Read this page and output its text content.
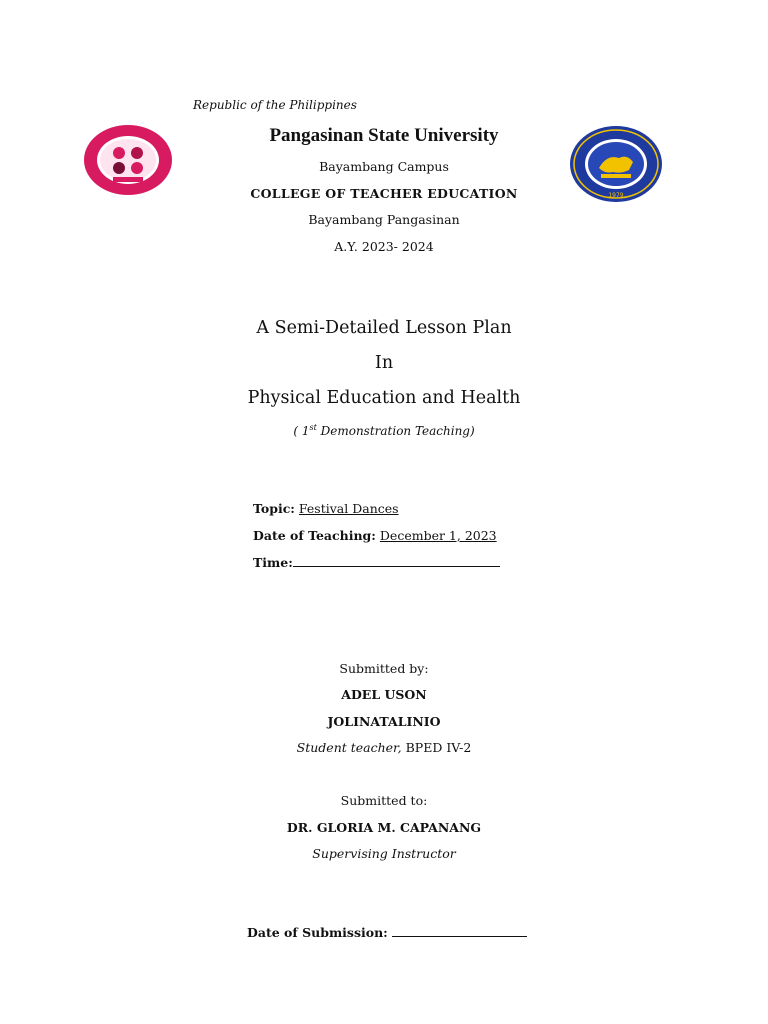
1979
Republic of the Philippines
Pangasinan State University
Bayambang Campus
COLLEGE OF TEACHER EDUCATION
Bayambang Pangasinan
A.Y. 2023- 2024
A Semi-Detailed Lesson Plan
In
Physical Education and Health
( 1st Demonstration Teaching)
Topic: Festival Dances
Date of Teaching: December 1, 2023
Time:
Submitted by:
ADEL USON
JOLINATALINIO
Student teacher, BPED IV-2
Submitted to:
DR. GLORIA M. CAPANANG
Supervising Instructor
Date of Submission:
